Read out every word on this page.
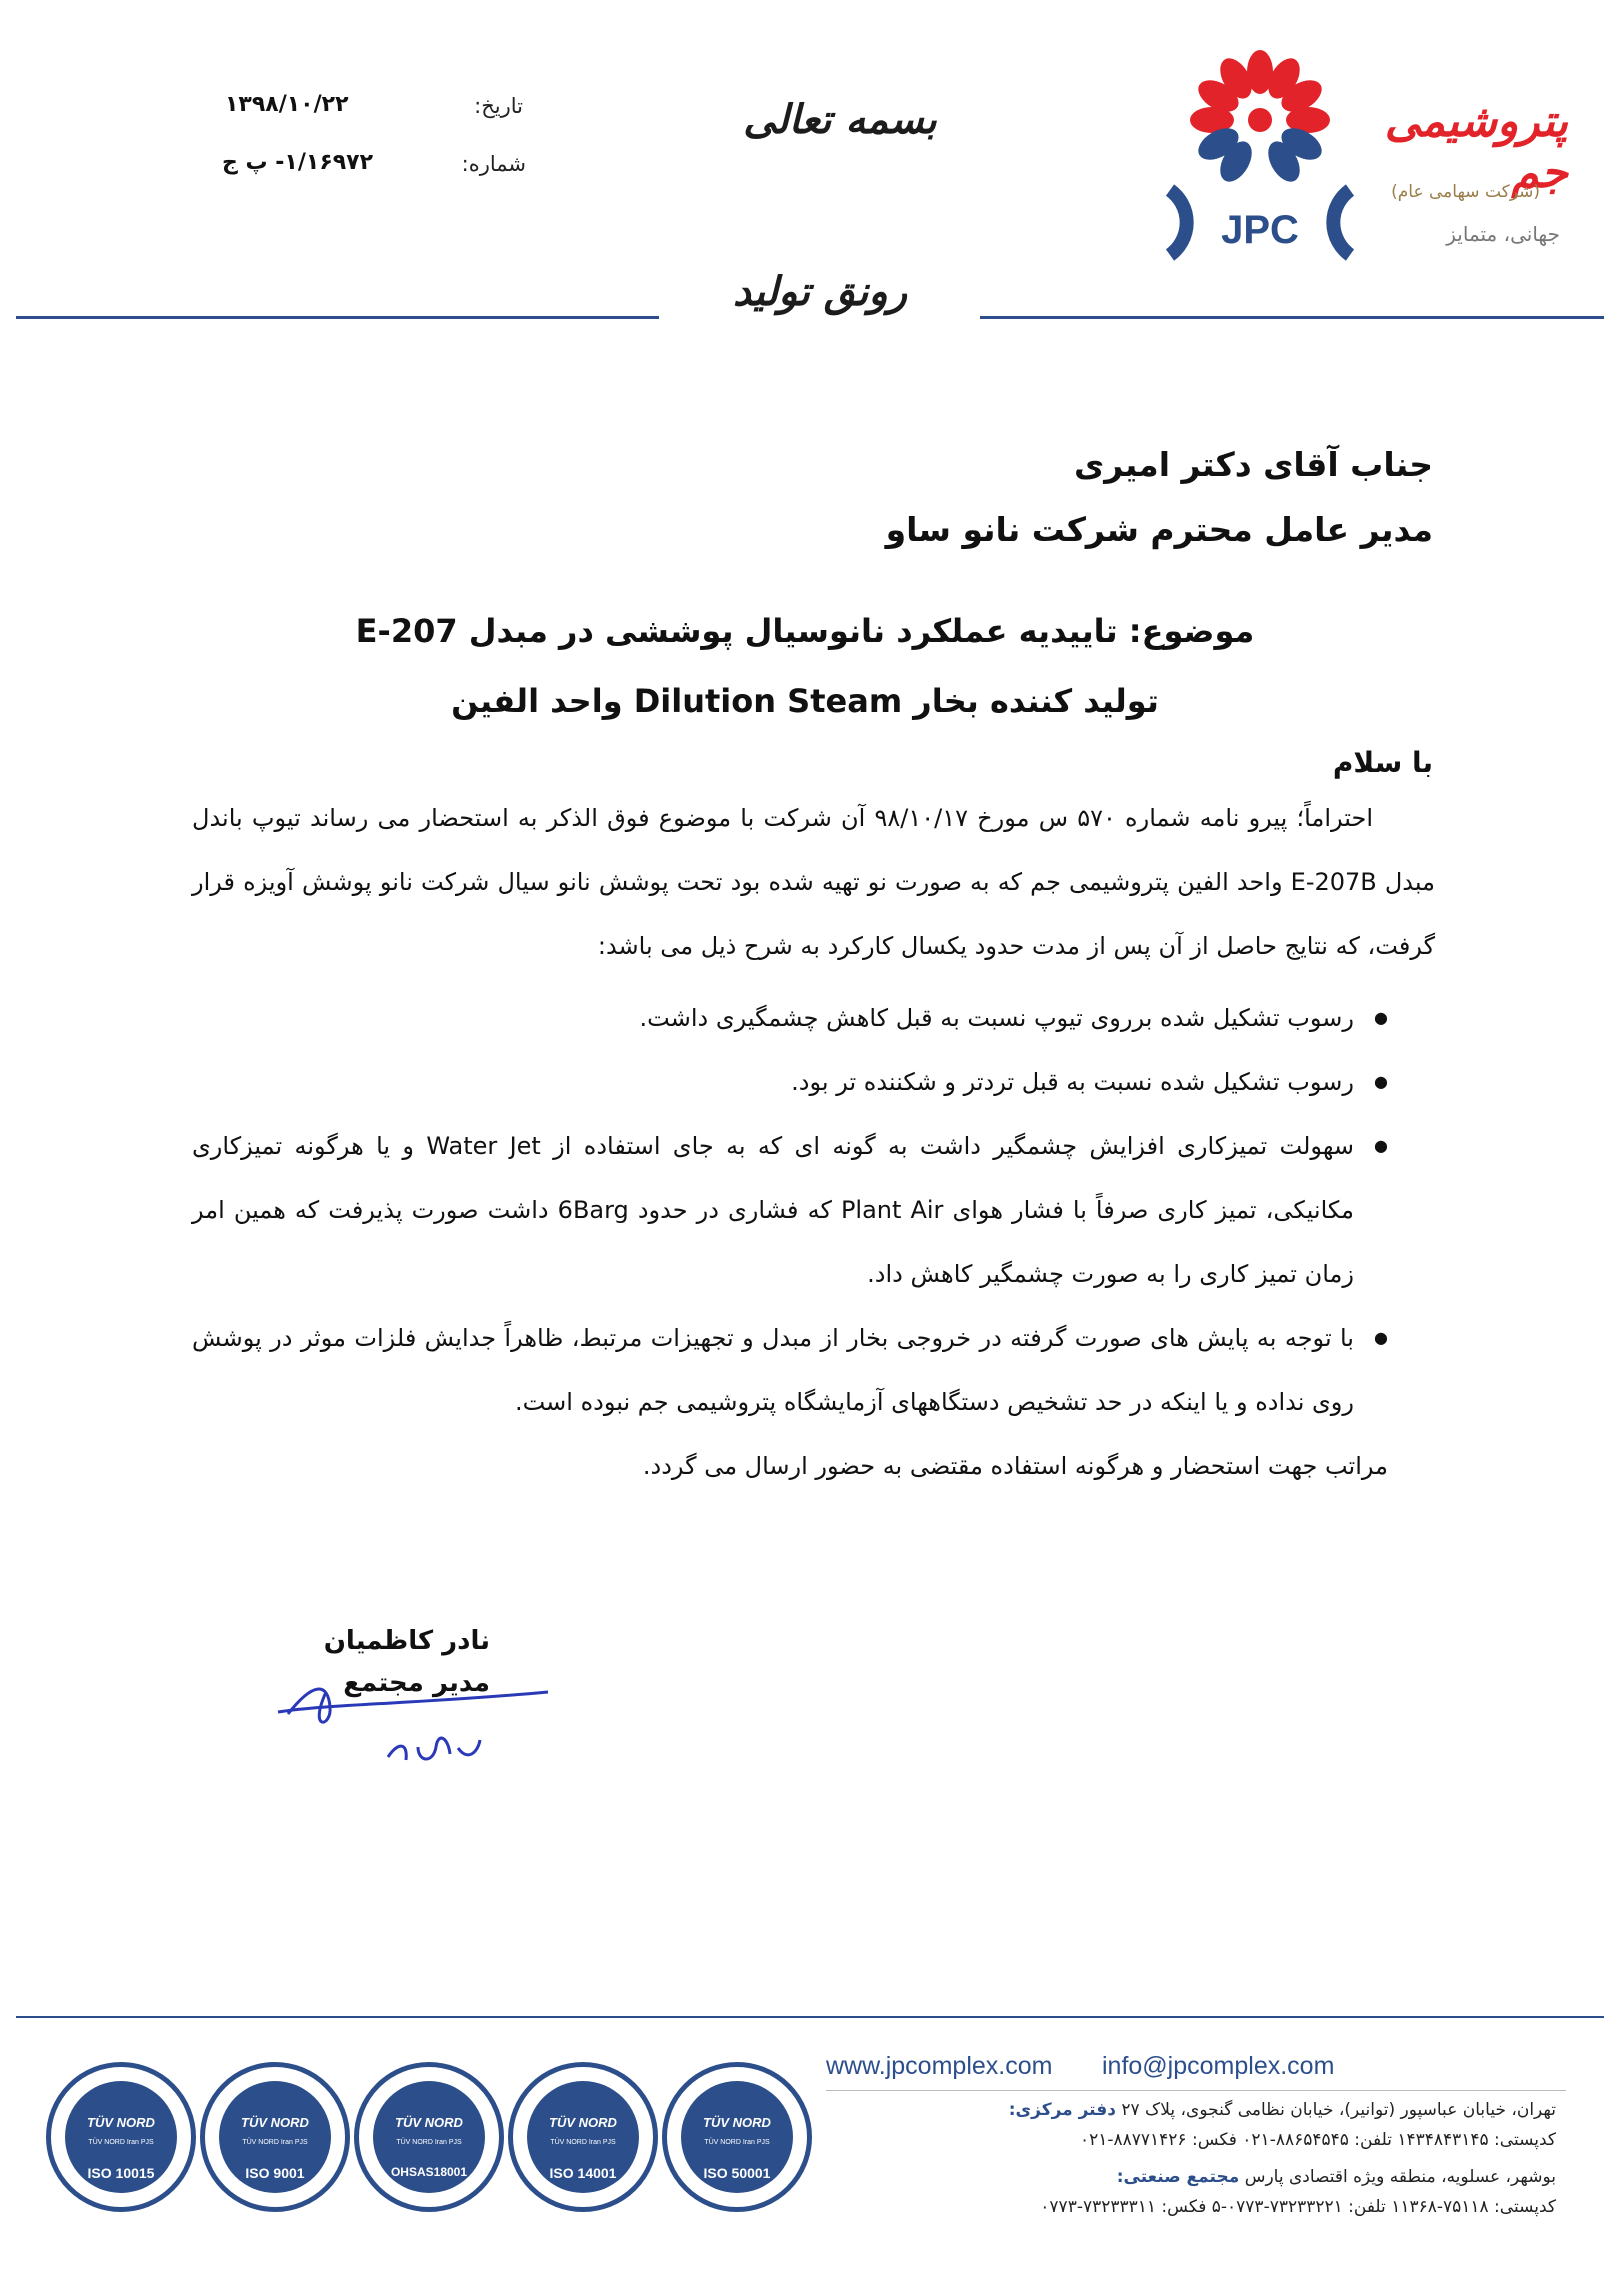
۱۳۹۸/۱۰/۲۲	تاریخ:
۱/۱۶۹۷۲- پ ج	شماره:
بسمه تعالی
رونق تولید
JPC
پتروشیمی جم
(شرکت سهامی عام)
جهانی، متمایز
جناب آقای دکتر امیری
مدیر عامل محترم شرکت نانو ساو
موضوع: تاییدیه عملکرد نانوسیال پوششی در مبدل E-207
تولید کننده بخار Dilution Steam واحد الفین
با سلام
احتراماً؛ پیرو نامه شماره ۵۷۰ س مورخ ۹۸/۱۰/۱۷ آن شرکت با موضوع فوق الذکر به استحضار می رساند تیوپ باندل مبدل E-207B واحد الفین پتروشیمی جم که به صورت نو تهیه شده بود تحت پوشش نانو سیال شرکت نانو پوشش آویزه قرار گرفت، که نتایج حاصل از آن پس از مدت حدود یکسال کارکرد به شرح ذیل می باشد:
● رسوب تشکیل شده برروی تیوپ نسبت به قبل کاهش چشمگیری داشت.
● رسوب تشکیل شده نسبت به قبل تردتر و شکننده تر بود.
● سهولت تمیزکاری افزایش چشمگیر داشت به گونه ای که به جای استفاده از Water Jet و یا هرگونه تمیزکاری مکانیکی، تمیز کاری صرفاً با فشار هوای Plant Air که فشاری در حدود 6Barg داشت صورت پذیرفت که همین امر زمان تمیز کاری را به صورت چشمگیر کاهش داد.
● با توجه به پایش های صورت گرفته در خروجی بخار از مبدل و تجهیزات مرتبط، ظاهراً جدایش فلزات موثر در پوشش روی نداده و یا اینکه در حد تشخیص دستگاههای آزمایشگاه پتروشیمی جم نبوده است.
مراتب جهت استحضار و هرگونه استفاده مقتضی به حضور ارسال می گردد.
نادر کاظمیان
مدیر مجتمع
www.jpcomplex.com info@jpcomplex.com
تهران، خیابان عباسپور (توانیر)، خیابان نظامی گنجوی، پلاک ۲۷ دفتر مرکزی:
کدپستی: ۱۴۳۴۸۴۳۱۴۵ تلفن: ۸۸۶۵۴۵۴۵-۰۲۱ فکس: ۸۸۷۷۱۴۲۶-۰۲۱
بوشهر، عسلویه، منطقه ویژه اقتصادی پارس مجتمع صنعتی:
کدپستی: ۷۵۱۱۸-۱۱۳۶۸ تلفن: ۷۳۲۳۳۲۲۱-۰۷۷۳-۵ فکس: ۷۳۲۳۳۳۱۱-۰۷۷۳
TÜV NORD
TÜV NORD Iran PJS
ISO 10015
TÜV NORD
TÜV NORD Iran PJS
ISO 9001
TÜV NORD
TÜV NORD Iran PJS
OHSAS18001
TÜV NORD
TÜV NORD Iran PJS
ISO 14001
TÜV NORD
TÜV NORD Iran PJS
ISO 50001
